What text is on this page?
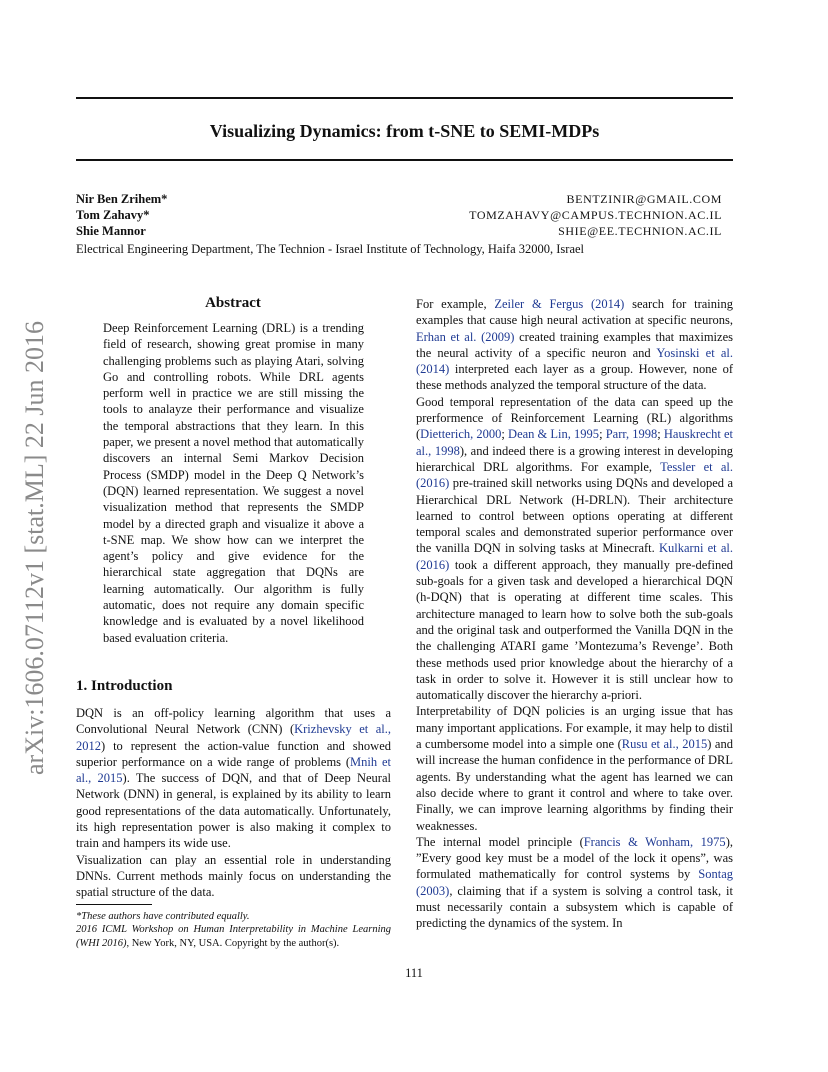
Visualizing Dynamics: from t-SNE to SEMI-MDPs
arXiv:1606.07112v1 [stat.ML] 22 Jun 2016
Nir Ben Zrihem*	BENTZINIR@GMAIL.COM
Tom Zahavy*	TOMZAHAVY@CAMPUS.TECHNION.AC.IL
Shie Mannor	SHIE@EE.TECHNION.AC.IL
Electrical Engineering Department, The Technion - Israel Institute of Technology, Haifa 32000, Israel
Abstract
Deep Reinforcement Learning (DRL) is a trending field of research, showing great promise in many challenging problems such as playing Atari, solving Go and controlling robots. While DRL agents perform well in practice we are still missing the tools to analayze their performance and visualize the temporal abstractions that they learn. In this paper, we present a novel method that automatically discovers an internal Semi Markov Decision Process (SMDP) model in the Deep Q Network’s (DQN) learned representation. We suggest a novel visualization method that represents the SMDP model by a directed graph and visualize it above a t-SNE map. We show how can we interpret the agent’s policy and give evidence for the hierarchical state aggregation that DQNs are learning automatically. Our algorithm is fully automatic, does not require any domain specific knowledge and is evaluated by a novel likelihood based evaluation criteria.
1. Introduction
DQN is an off-policy learning algorithm that uses a Convolutional Neural Network (CNN) (Krizhevsky et al., 2012) to represent the action-value function and showed superior performance on a wide range of problems (Mnih et al., 2015). The success of DQN, and that of Deep Neural Network (DNN) in general, is explained by its ability to learn good representations of the data automatically. Unfortunately, its high representation power is also making it complex to train and hampers its wide use.
Visualization can play an essential role in understanding DNNs. Current methods mainly focus on understanding the spatial structure of the data.
*These authors have contributed equally.
2016 ICML Workshop on Human Interpretability in Machine Learning (WHI 2016), New York, NY, USA. Copyright by the author(s).
For example, Zeiler & Fergus (2014) search for training examples that cause high neural activation at specific neurons, Erhan et al. (2009) created training examples that maximizes the neural activity of a specific neuron and Yosinski et al. (2014) interpreted each layer as a group. However, none of these methods analyzed the temporal structure of the data.
Good temporal representation of the data can speed up the prerformence of Reinforcement Learning (RL) algorithms (Dietterich, 2000; Dean & Lin, 1995; Parr, 1998; Hauskrecht et al., 1998), and indeed there is a growing interest in developing hierarchical DRL algorithms. For example, Tessler et al. (2016) pre-trained skill networks using DQNs and developed a Hierarchical DRL Network (H-DRLN). Their architecture learned to control between options operating at different temporal scales and demonstrated superior performance over the vanilla DQN in solving tasks at Minecraft. Kulkarni et al. (2016) took a different approach, they manually pre-defined sub-goals for a given task and developed a hierarchical DQN (h-DQN) that is operating at different time scales. This architecture managed to learn how to solve both the sub-goals and the original task and outperformed the Vanilla DQN in the the challenging ATARI game ’Montezuma’s Revenge’. Both these methods used prior knowledge about the hierarchy of a task in order to solve it. However it is still unclear how to automatically discover the hierarchy a-priori.
Interpretability of DQN policies is an urging issue that has many important applications. For example, it may help to distil a cumbersome model into a simple one (Rusu et al., 2015) and will increase the human confidence in the performance of DRL agents. By understanding what the agent has learned we can also decide where to grant it control and where to take over. Finally, we can improve learning algorithms by finding their weaknesses.
The internal model principle (Francis & Wonham, 1975), ”Every good key must be a model of the lock it opens”, was formulated mathematically for control systems by Sontag (2003), claiming that if a system is solving a control task, it must necessarily contain a subsystem which is capable of predicting the dynamics of the system. In
111
